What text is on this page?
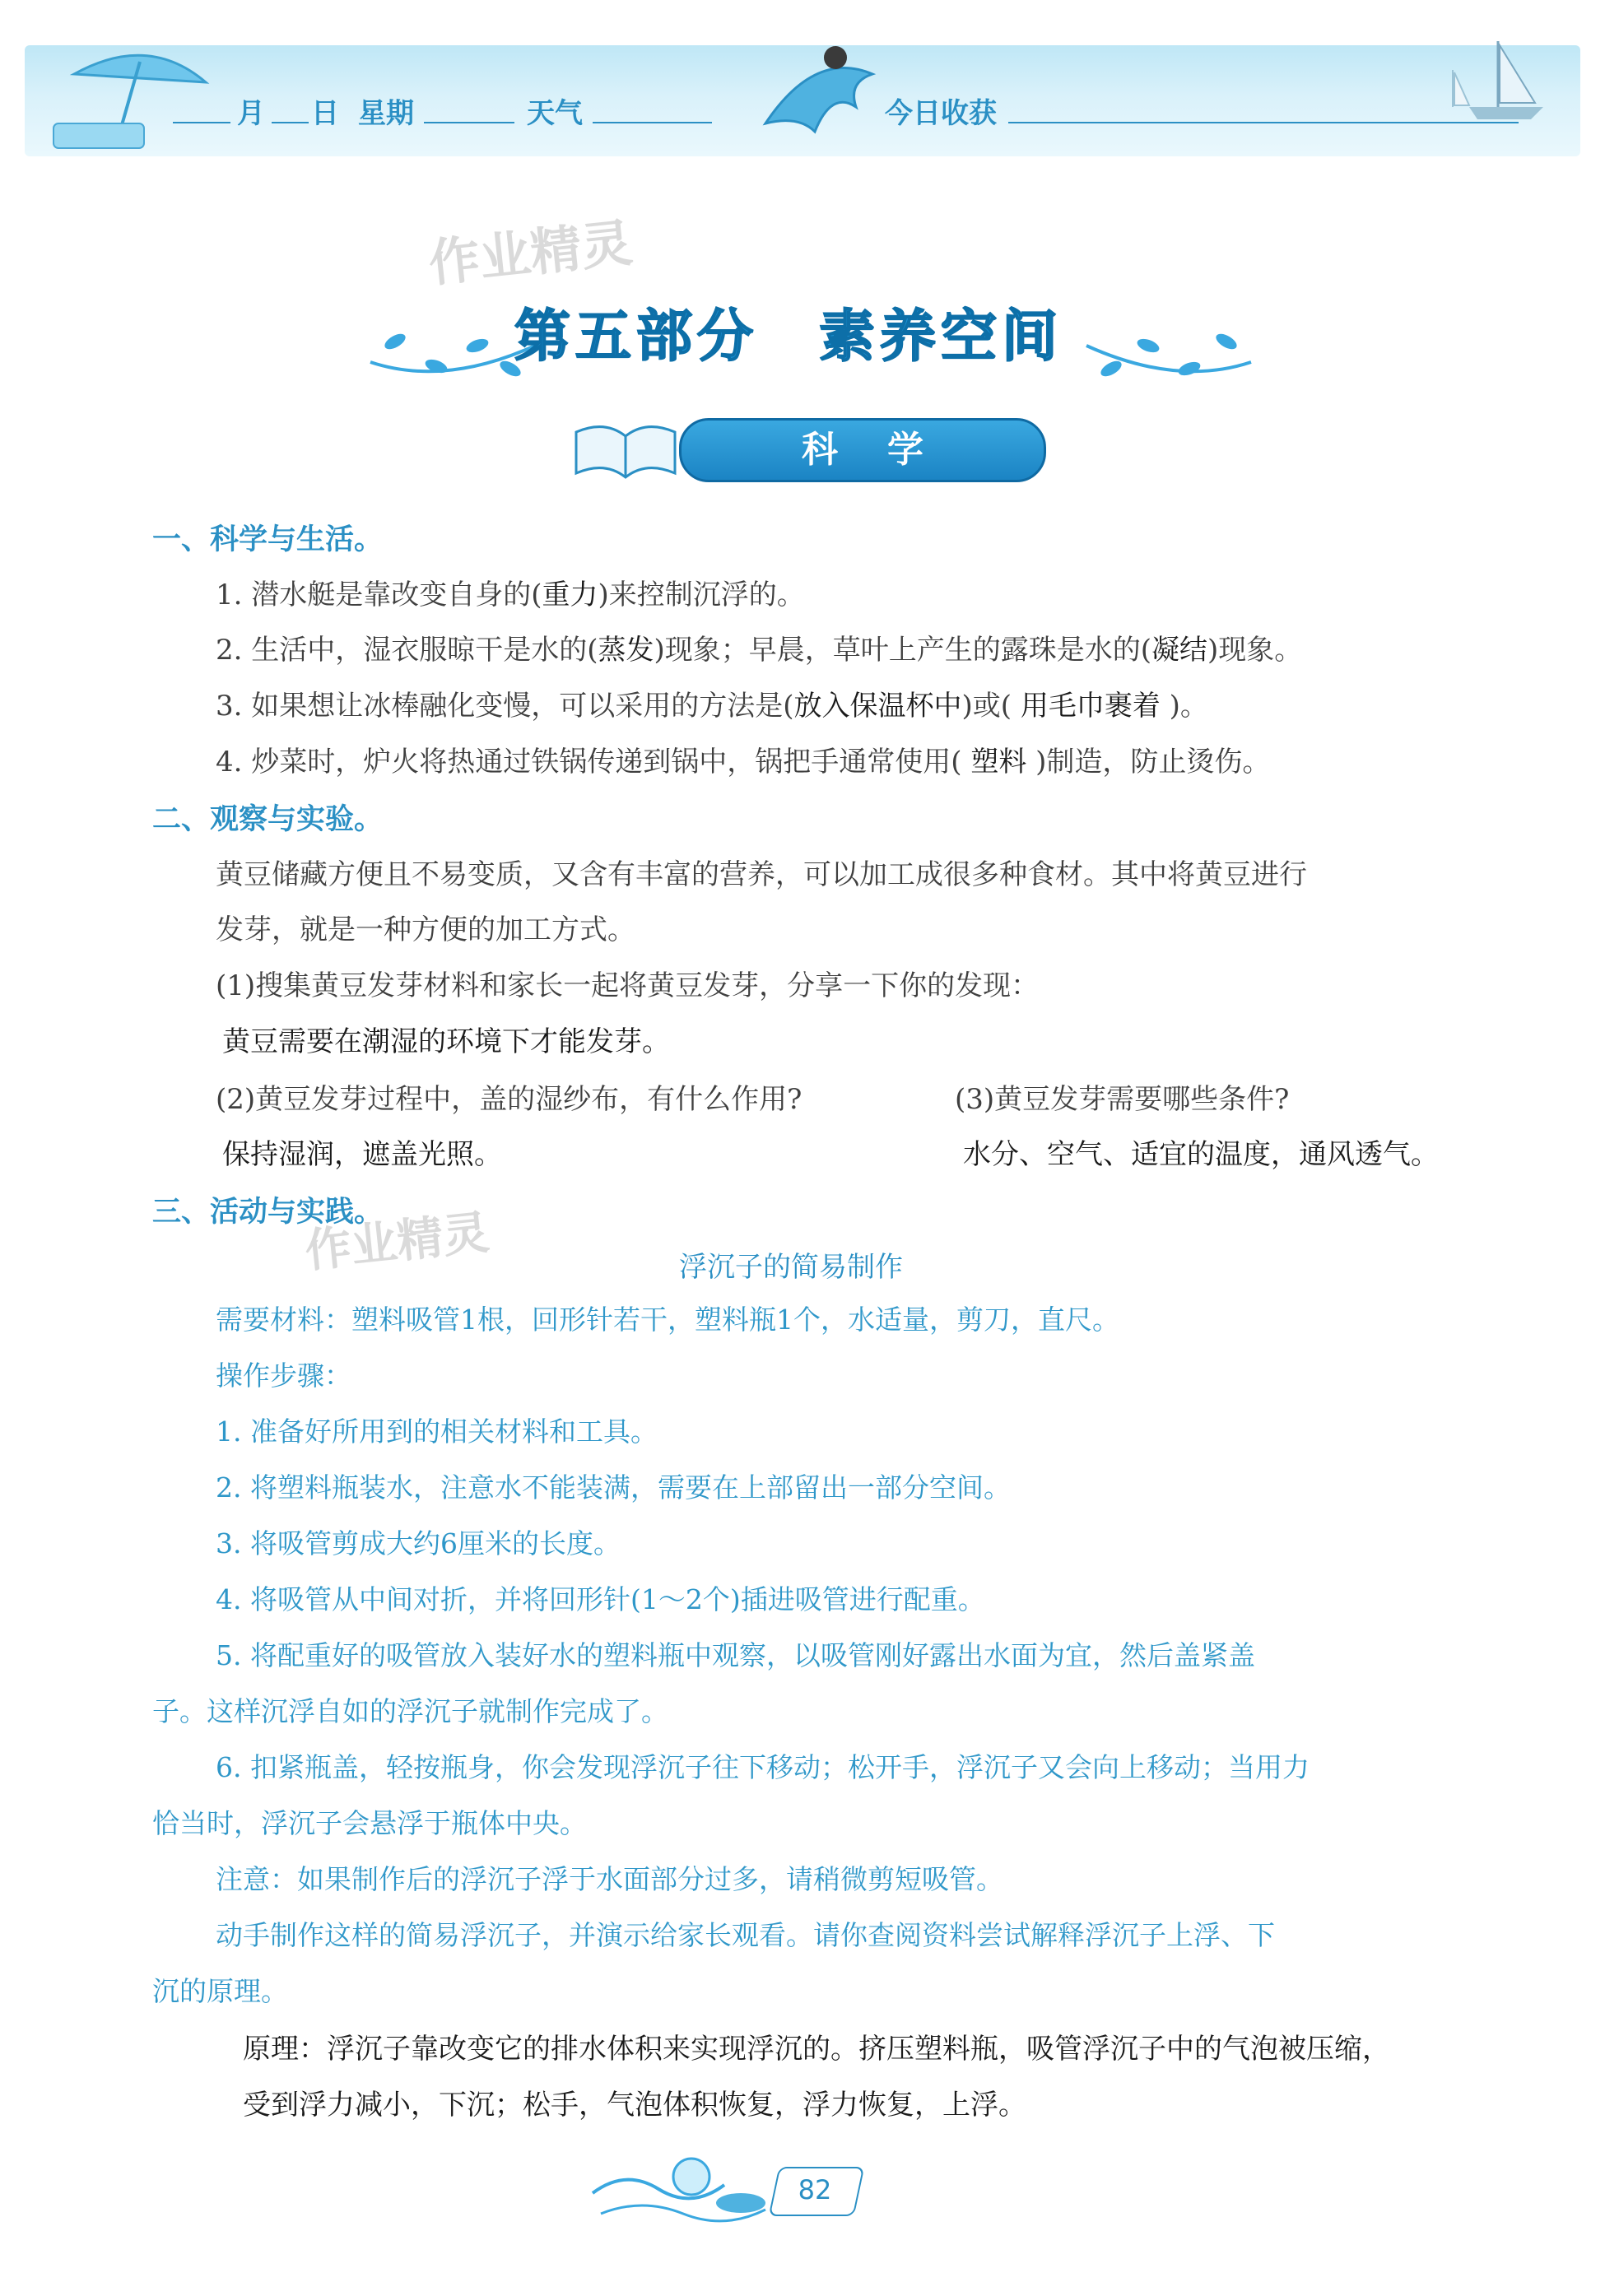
月 日 星期	天气	今日收获
作业精灵
作业精灵
第五部分　素养空间
科学
一、科学与生活。
1. 潜水艇是靠改变自身的(重力)来控制沉浮的。
2. 生活中，湿衣服晾干是水的(蒸发)现象；早晨，草叶上产生的露珠是水的(凝结)现象。
3. 如果想让冰棒融化变慢，可以采用的方法是(放入保温杯中)或( 用毛巾裹着 )。
4. 炒菜时，炉火将热通过铁锅传递到锅中，锅把手通常使用( 塑料 )制造，防止烫伤。
二、观察与实验。
黄豆储藏方便且不易变质，又含有丰富的营养，可以加工成很多种食材。其中将黄豆进行
发芽，就是一种方便的加工方式。
(1)搜集黄豆发芽材料和家长一起将黄豆发芽，分享一下你的发现：
黄豆需要在潮湿的环境下才能发芽。
(2)黄豆发芽过程中，盖的湿纱布，有什么作用?	(3)黄豆发芽需要哪些条件?
保持湿润，遮盖光照。	水分、空气、适宜的温度，通风透气。
三、活动与实践。
浮沉子的简易制作
需要材料：塑料吸管1根，回形针若干，塑料瓶1个，水适量，剪刀，直尺。
操作步骤：
1. 准备好所用到的相关材料和工具。
2. 将塑料瓶装水，注意水不能装满，需要在上部留出一部分空间。
3. 将吸管剪成大约6厘米的长度。
4. 将吸管从中间对折，并将回形针(1～2个)插进吸管进行配重。
5. 将配重好的吸管放入装好水的塑料瓶中观察，以吸管刚好露出水面为宜，然后盖紧盖
子。这样沉浮自如的浮沉子就制作完成了。
6. 扣紧瓶盖，轻按瓶身，你会发现浮沉子往下移动；松开手，浮沉子又会向上移动；当用力
恰当时，浮沉子会悬浮于瓶体中央。
注意：如果制作后的浮沉子浮于水面部分过多，请稍微剪短吸管。
动手制作这样的简易浮沉子，并演示给家长观看。请你查阅资料尝试解释浮沉子上浮、下
沉的原理。
原理：浮沉子靠改变它的排水体积来实现浮沉的。挤压塑料瓶，吸管浮沉子中的气泡被压缩，
受到浮力减小，下沉；松手，气泡体积恢复，浮力恢复，上浮。
82
